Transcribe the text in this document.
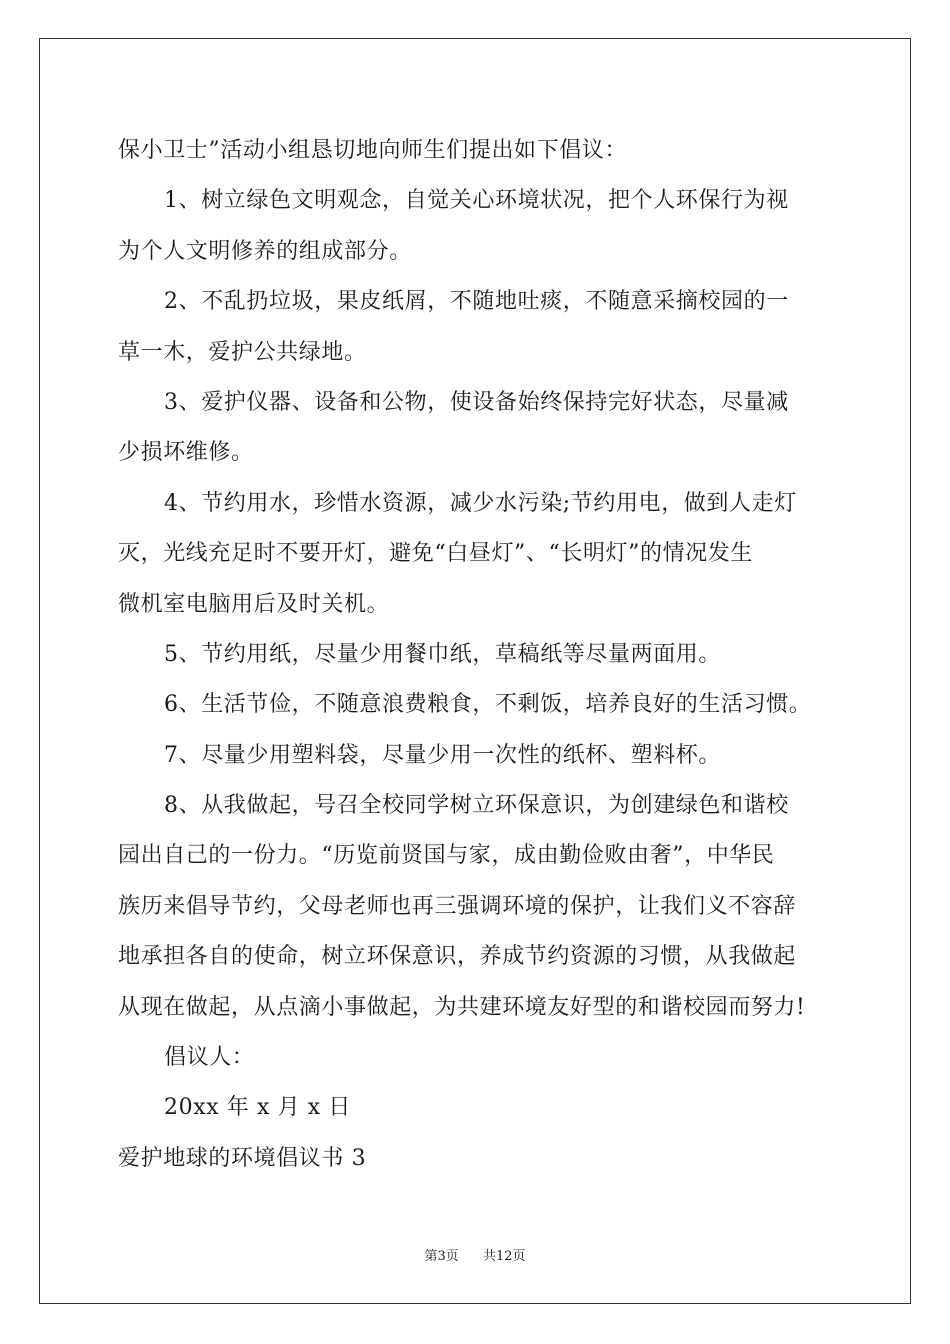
保小卫士”活动小组恳切地向师生们提出如下倡议：
1、树立绿色文明观念，自觉关心环境状况，把个人环保行为视
为个人文明修养的组成部分。
2、不乱扔垃圾，果皮纸屑，不随地吐痰，不随意采摘校园的一
草一木，爱护公共绿地。
3、爱护仪器、设备和公物，使设备始终保持完好状态，尽量减
少损坏维修。
4、节约用水，珍惜水资源，减少水污染;节约用电，做到人走灯
灭，光线充足时不要开灯，避免“白昼灯”、“长明灯”的情况发生
微机室电脑用后及时关机。
5、节约用纸，尽量少用餐巾纸，草稿纸等尽量两面用。
6、生活节俭，不随意浪费粮食，不剩饭，培养良好的生活习惯。
7、尽量少用塑料袋，尽量少用一次性的纸杯、塑料杯。
8、从我做起，号召全校同学树立环保意识，为创建绿色和谐校
园出自己的一份力。“历览前贤国与家，成由勤俭败由奢”，中华民
族历来倡导节约，父母老师也再三强调环境的保护，让我们义不容辞
地承担各自的使命，树立环保意识，养成节约资源的习惯，从我做起
从现在做起，从点滴小事做起，为共建环境友好型的和谐校园而努力!
倡议人：
20xx 年 x 月 x 日
爱护地球的环境倡议书 3
第3页 共12页
